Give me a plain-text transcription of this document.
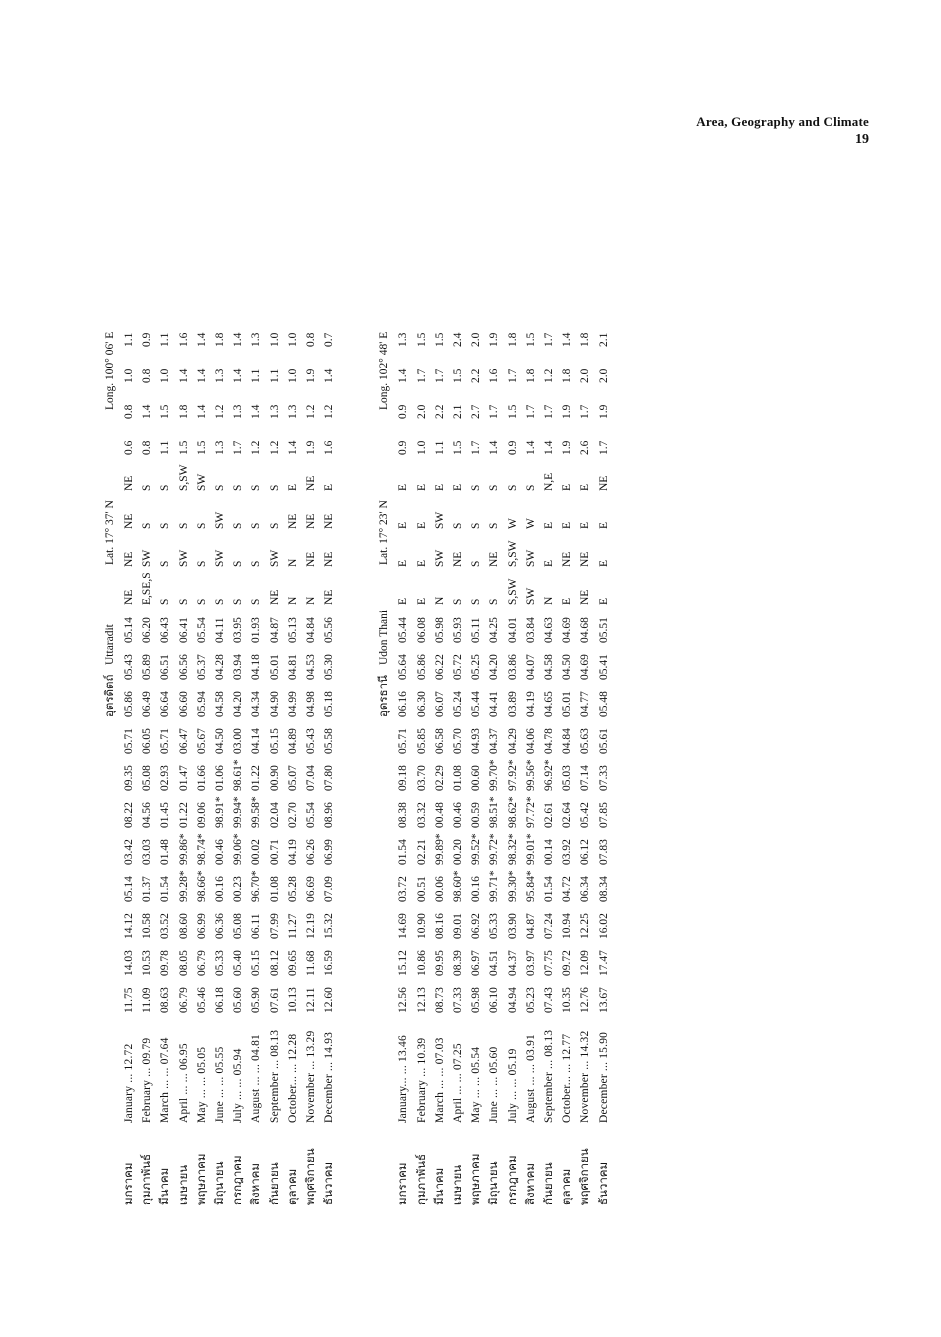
Area, Geography and Climate
19
อุตรดิตถ์
Uttaradit
Lat. 17° 37' N
Long. 100° 06' E
มกราคม	January ... 12.72	11.75	14.03	14.12	05.14	03.42	08.22	09.35	05.71	05.86	05.43	05.14	NE	NE	NE	NE	0.6	0.8	1.0	1.1
กุมภาพันธ์	February ... 09.79	11.09	10.53	10.58	01.37	03.03	04.56	05.08	06.05	06.49	05.89	06.20	E,SE,S	SW	S	S	0.8	1.4	0.8	0.9
มีนาคม	March ... ... 07.64	08.63	09.78	03.52	01.54	01.48	01.45	02.93	05.71	06.64	06.51	06.43	S	S	S	S	1.1	1.5	1.0	1.1
เมษายน	April ... ... 06.95	06.79	08.05	08.60	99.28*	99.86*	01.22	01.47	06.47	06.60	06.56	06.41	S	SW	S	S,SW	1.5	1.8	1.4	1.6
พฤษภาคม	May ... ... 05.05	05.46	06.79	06.99	98.66*	98.74*	09.06	01.66	05.67	05.94	05.37	05.54	S	S	S	SW	1.5	1.4	1.4	1.4
มิถุนายน	June ... ... 05.55	06.18	05.33	06.36	00.16	00.46	98.91*	01.06	04.50	04.58	04.28	04.11	S	SW	SW	S	1.3	1.2	1.3	1.8
กรกฎาคม	July ... ... 05.94	05.60	05.40	05.08	00.23	99.06*	99.94*	98.61*	03.00	04.20	03.94	03.95	S	S	S	S	1.7	1.3	1.4	1.4
สิงหาคม	August ... ... 04.81	05.90	05.15	06.11	96.70*	00.02	99.58*	01.22	04.14	04.34	04.18	01.93	S	S	S	S	1.2	1.4	1.1	1.3
กันยายน	September ... 08.13	07.61	08.12	07.99	01.08	00.71	02.04	00.90	05.15	04.90	05.01	04.87	NE	SW	S	S	1.2	1.3	1.1	1.0
ตุลาคม	October... ... 12.28	10.13	09.65	11.27	05.28	04.19	02.70	05.07	04.89	04.99	04.81	05.13	N	N	NE	E	1.4	1.3	1.0	1.0
พฤศจิกายน	November ... 13.29	12.11	11.68	12.19	06.69	06.26	05.54	07.04	05.43	04.98	04.53	04.84	N	NE	NE	NE	1.9	1.2	1.9	0.8
ธันวาคม	December ... 14.93	12.60	16.59	15.32	07.09	06.99	08.96	07.80	05.58	05.18	05.30	05.56	NE	NE	NE	E	1.6	1.2	1.4	0.7
อุดรธานี
Udon Thani
Lat. 17° 23' N
Long. 102° 48' E
มกราคม	January... ... 13.46	12.56	15.12	14.69	03.72	01.54	08.38	09.18	05.71	06.16	05.64	05.44	E	E	E	E	0.9	0.9	1.4	1.3
กุมภาพันธ์	February ... 10.39	12.13	10.86	10.90	00.51	02.21	03.32	03.70	05.85	06.30	05.86	06.08	E	E	E	E	1.0	2.0	1.7	1.5
มีนาคม	March ... ... 07.03	08.73	09.95	08.16	00.06	99.89*	00.48	02.29	06.58	06.07	06.22	05.98	N	SW	SW	E	1.1	2.2	1.7	1.5
เมษายน	April ... ... 07.25	07.33	08.39	09.01	98.60*	00.20	00.46	01.08	05.70	05.24	05.72	05.93	S	NE	S	E	1.5	2.1	1.5	2.4
พฤษภาคม	May ... ... 05.54	05.98	06.97	06.92	00.16	99.52*	00.59	00.60	04.93	05.44	05.25	05.11	S	S	S	S	1.7	2.7	2.2	2.0
มิถุนายน	June ... ... 05.60	06.10	04.51	05.33	99.71*	99.72*	98.51*	99.70*	04.37	04.41	04.20	04.25	S	NE	S	S	1.4	1.7	1.6	1.9
กรกฎาคม	July ... ... 05.19	04.94	04.37	03.90	99.30*	98.32*	98.62*	97.92*	04.29	03.89	03.86	04.01	S,SW	S,SW	W	S	0.9	1.5	1.7	1.8
สิงหาคม	August ... ... 03.91	05.23	03.97	04.87	95.84*	99.01*	97.72*	99.56*	04.06	04.19	04.07	03.84	SW	SW	W	S	1.4	1.7	1.8	1.5
กันยายน	September ... 08.13	07.43	07.75	07.24	01.54	00.14	02.61	96.92*	04.78	04.65	04.58	04.63	N	E	E	N,E	1.4	1.7	1.2	1.7
ตุลาคม	October... ... 12.77	10.35	09.72	10.94	04.72	03.92	02.64	05.03	04.84	05.01	04.50	04.69	E	NE	E	E	1.9	1.9	1.8	1.4
พฤศจิกายน	November ... 14.32	12.76	12.09	12.25	06.34	06.12	05.42	07.14	05.63	04.77	04.69	04.68	NE	NE	E	E	2.6	1.7	2.0	1.8
ธันวาคม	December ... 15.90	13.67	17.47	16.02	08.34	07.83	07.85	07.33	05.61	05.48	05.41	05.51	E	E	E	NE	1.7	1.9	2.0	2.1
